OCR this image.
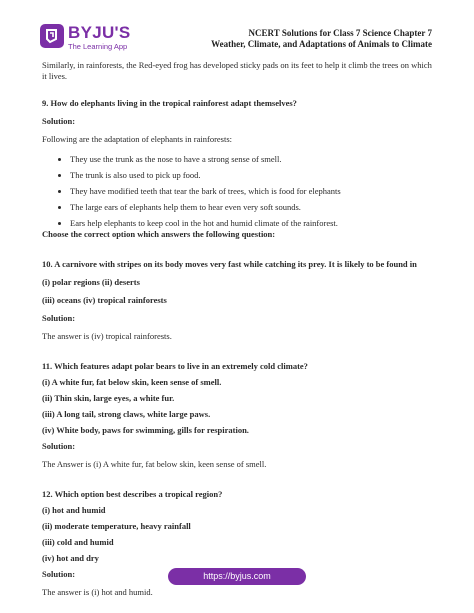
BYJU'S
The Learning App
NCERT Solutions for Class 7 Science Chapter 7
Weather, Climate, and Adaptations of Animals to Climate

Similarly, in rainforests, the Red-eyed frog has developed sticky pads on its feet to help it climb the trees on which it lives.

9. How do elephants living in the tropical rainforest adapt themselves?

Solution:

Following are the adaptation of elephants in rainforests:

• They use the trunk as the nose to have a strong sense of smell.
• The trunk is also used to pick up food.
• They have modified teeth that tear the bark of trees, which is food for elephants
• The large ears of elephants help them to hear even very soft sounds.
• Ears help elephants to keep cool in the hot and humid climate of the rainforest.

Choose the correct option which answers the following question:

10. A carnivore with stripes on its body moves very fast while catching its prey. It is likely to be found in

(i) polar regions (ii) deserts

(iii) oceans (iv) tropical rainforests

Solution:

The answer is (iv) tropical rainforests.

11. Which features adapt polar bears to live in an extremely cold climate?

(i) A white fur, fat below skin, keen sense of smell.

(ii) Thin skin, large eyes, a white fur.

(iii) A long tail, strong claws, white large paws.

(iv) White body, paws for swimming, gills for respiration.

Solution:

The Answer is (i) A white fur, fat below skin, keen sense of smell.

12. Which option best describes a tropical region?

(i) hot and humid

(ii) moderate temperature, heavy rainfall

(iii) cold and humid

(iv) hot and dry

Solution:

The answer is (i) hot and humid.

https://byjus.com
